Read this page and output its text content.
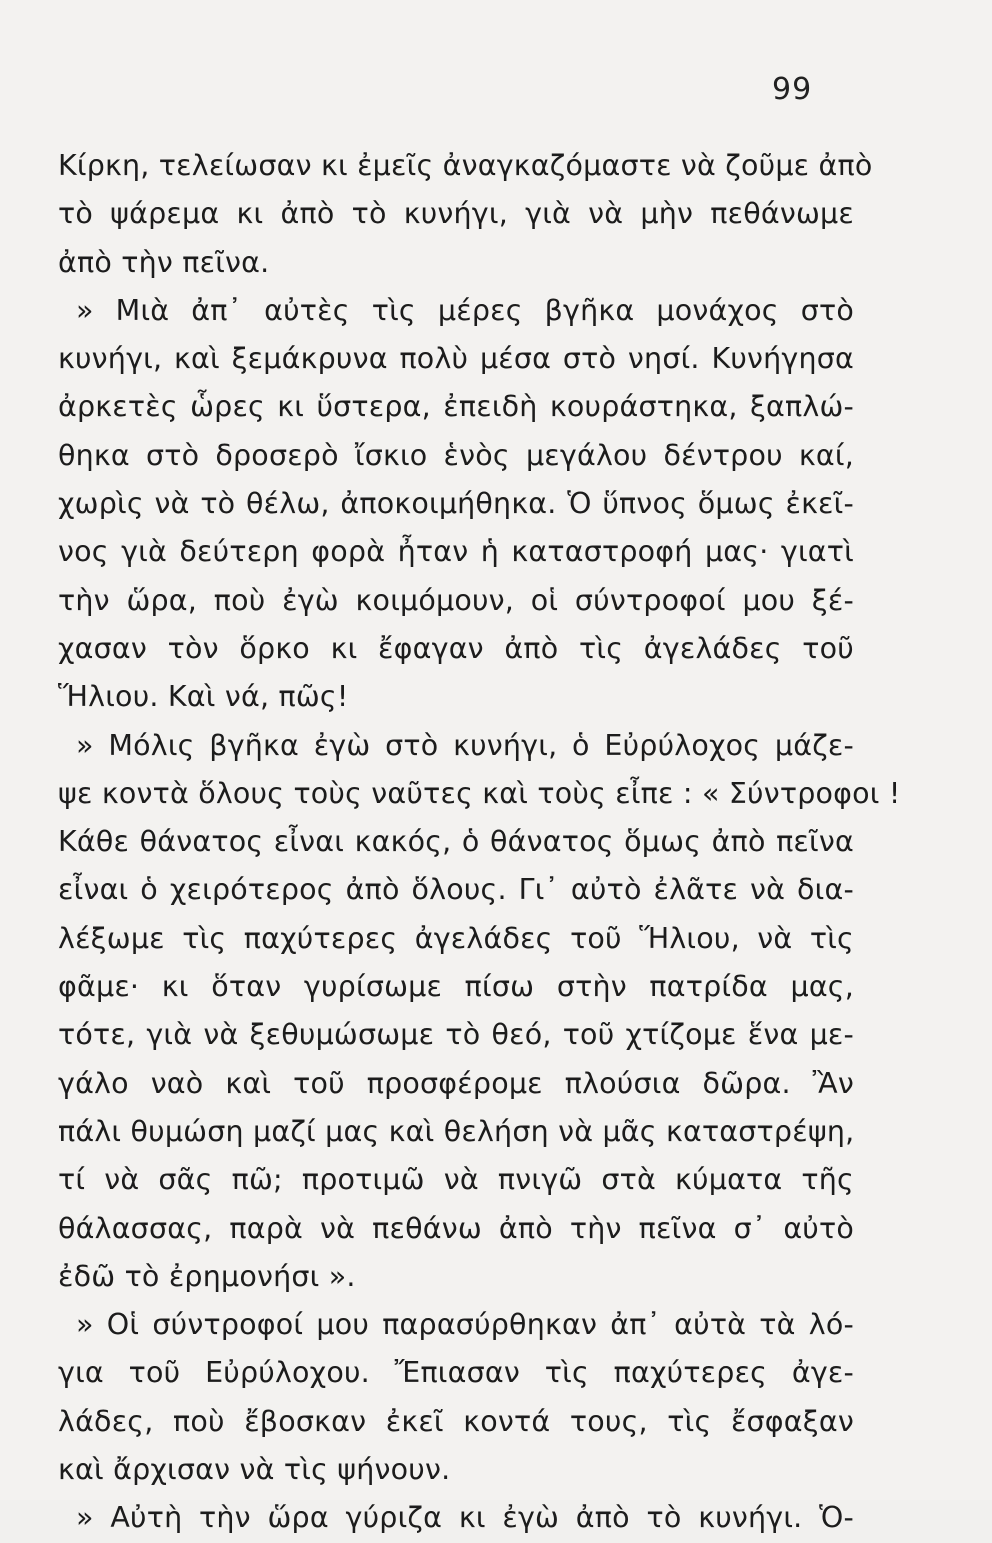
99
Κίρκη, τελείωσαν κι ἐμεῖς ἀναγκαζόμαστε νὰ ζοῦμε ἀπὸ
τὸ ψάρεμα κι ἀπὸ τὸ κυνήγι, γιὰ νὰ μὴν πεθάνωμε
ἀπὸ τὴν πεῖνα.
» Μιὰ ἀπ᾿ αὐτὲς τὶς μέρες βγῆκα μονάχος στὸ
κυνήγι, καὶ ξεμάκρυνα πολὺ μέσα στὸ νησί. Κυνήγησα
ἀρκετὲς ὧρες κι ὕστερα, ἐπειδὴ κουράστηκα, ξαπλώ-
θηκα στὸ δροσερὸ ἴσκιο ἑνὸς μεγάλου δέντρου καί,
χωρὶς νὰ τὸ θέλω, ἀποκοιμήθηκα. Ὁ ὕπνος ὅμως ἐκεῖ-
νος γιὰ δεύτερη φορὰ ἦταν ἡ καταστροφή μας· γιατὶ
τὴν ὥρα, ποὺ ἐγὼ κοιμόμουν, οἱ σύντροφοί μου ξέ-
χασαν τὸν ὅρκο κι ἔφαγαν ἀπὸ τὶς ἀγελάδες τοῦ
Ἥλιου. Καὶ νά, πῶς!
» Μόλις βγῆκα ἐγὼ στὸ κυνήγι, ὁ Εὐρύλοχος μάζε-
ψε κοντὰ ὅλους τοὺς ναῦτες καὶ τοὺς εἶπε : « Σύντροφοι !
Κάθε θάνατος εἶναι κακός, ὁ θάνατος ὅμως ἀπὸ πεῖνα
εἶναι ὁ χειρότερος ἀπὸ ὅλους. Γι᾿ αὐτὸ ἐλᾶτε νὰ δια-
λέξωμε τὶς παχύτερες ἀγελάδες τοῦ Ἥλιου, νὰ τὶς
φᾶμε· κι ὅταν γυρίσωμε πίσω στὴν πατρίδα μας,
τότε, γιὰ νὰ ξεθυμώσωμε τὸ θεό, τοῦ χτίζομε ἕνα με-
γάλο ναὸ καὶ τοῦ προσφέρομε πλούσια δῶρα. Ἂν
πάλι θυμώση μαζί μας καὶ θελήση νὰ μᾶς καταστρέψη,
τί νὰ σᾶς πῶ; προτιμῶ νὰ πνιγῶ στὰ κύματα τῆς
θάλασσας, παρὰ νὰ πεθάνω ἀπὸ τὴν πεῖνα σ᾿ αὐτὸ
ἐδῶ τὸ ἐρημονήσι ».
» Οἱ σύντροφοί μου παρασύρθηκαν ἀπ᾿ αὐτὰ τὰ λό-
για τοῦ Εὐρύλοχου. Ἔπιασαν τὶς παχύτερες ἀγε-
λάδες, ποὺ ἔβοσκαν ἐκεῖ κοντά τους, τὶς ἔσφαξαν
καὶ ἄρχισαν νὰ τὶς ψήνουν.
» Αὐτὴ τὴν ὥρα γύριζα κι ἐγὼ ἀπὸ τὸ κυνήγι. Ὁ-
